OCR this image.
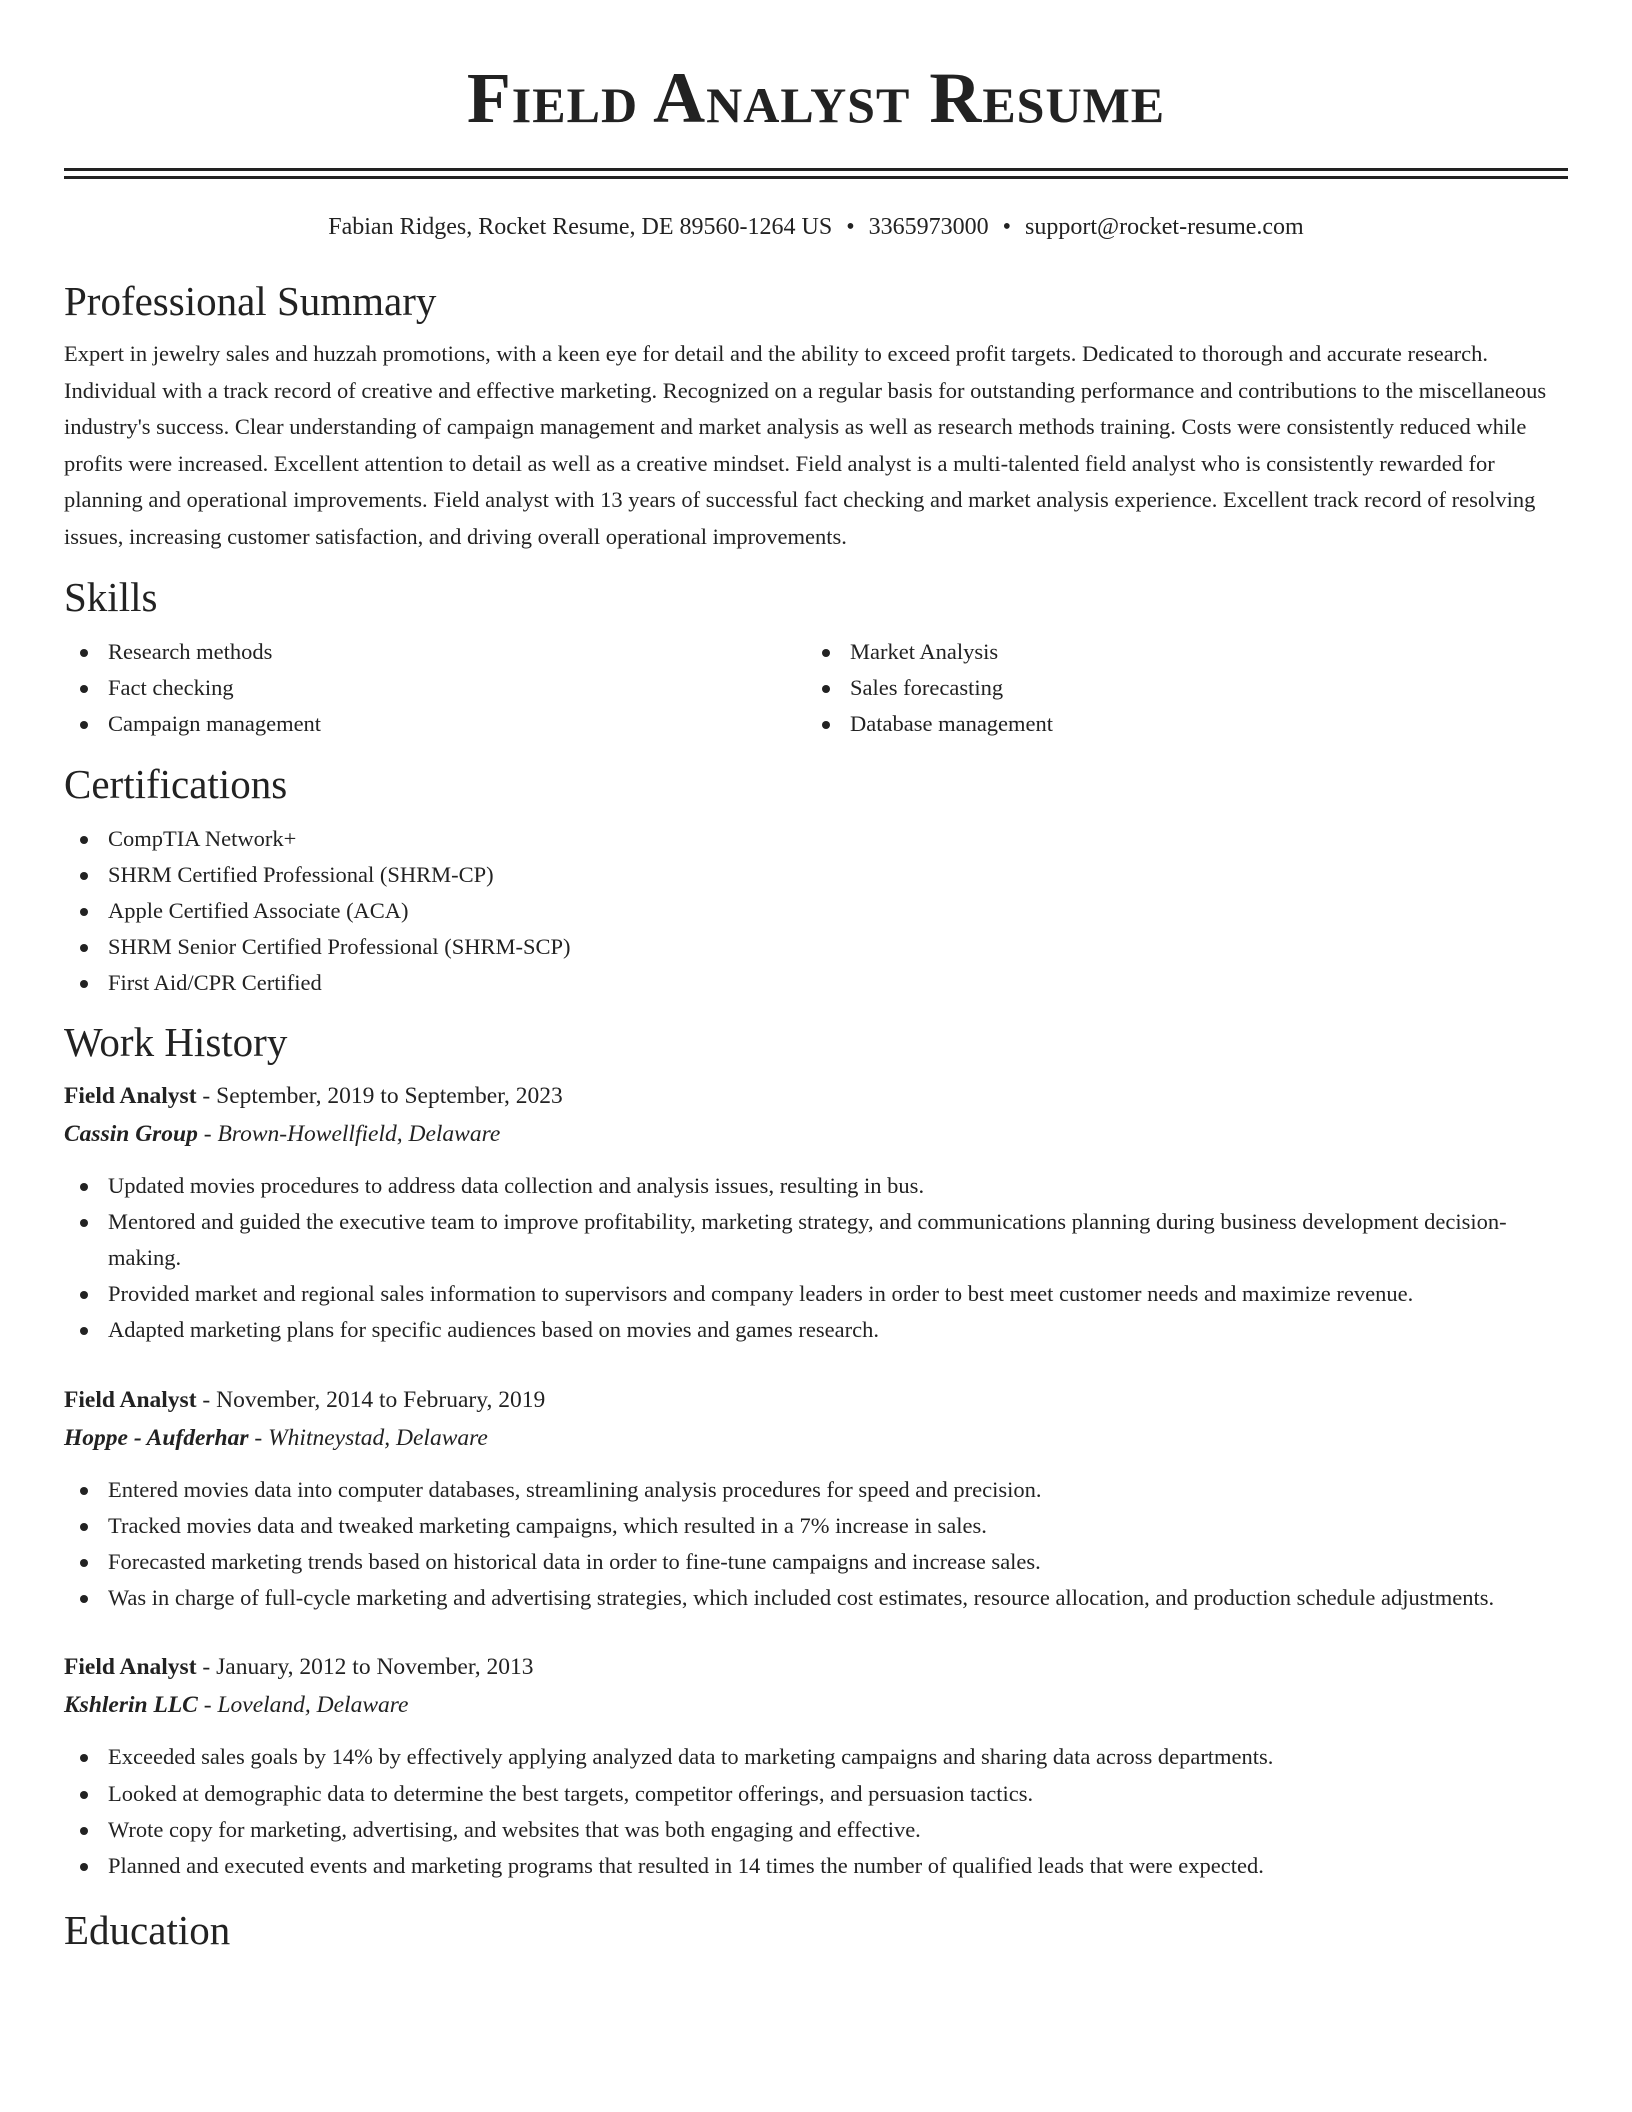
Field Analyst Resume
Fabian Ridges, Rocket Resume, DE 89560-1264 US • 3365973000 • support@rocket-resume.com
Professional Summary

Expert in jewelry sales and huzzah promotions, with a keen eye for detail and the ability to exceed profit targets. Dedicated to thorough and accurate research. Individual with a track record of creative and effective marketing. Recognized on a regular basis for outstanding performance and contributions to the miscellaneous industry's success. Clear understanding of campaign management and market analysis as well as research methods training. Costs were consistently reduced while profits were increased. Excellent attention to detail as well as a creative mindset. Field analyst is a multi-talented field analyst who is consistently rewarded for planning and operational improvements. Field analyst with 13 years of successful fact checking and market analysis experience. Excellent track record of resolving issues, increasing customer satisfaction, and driving overall operational improvements.

Skills
Research methods
Fact checking
Campaign management
Market Analysis
Sales forecasting
Database management
Certifications
CompTIA Network+
SHRM Certified Professional (SHRM-CP)
Apple Certified Associate (ACA)
SHRM Senior Certified Professional (SHRM-SCP)
First Aid/CPR Certified
Work History
Field Analyst - September, 2019 to September, 2023
Cassin Group - Brown-Howellfield, Delaware
Updated movies procedures to address data collection and analysis issues, resulting in bus.
Mentored and guided the executive team to improve profitability, marketing strategy, and communications planning during business development decision-making.
Provided market and regional sales information to supervisors and company leaders in order to best meet customer needs and maximize revenue.
Adapted marketing plans for specific audiences based on movies and games research.
Field Analyst - November, 2014 to February, 2019
Hoppe - Aufderhar - Whitneystad, Delaware
Entered movies data into computer databases, streamlining analysis procedures for speed and precision.
Tracked movies data and tweaked marketing campaigns, which resulted in a 7% increase in sales.
Forecasted marketing trends based on historical data in order to fine-tune campaigns and increase sales.
Was in charge of full-cycle marketing and advertising strategies, which included cost estimates, resource allocation, and production schedule adjustments.
Field Analyst - January, 2012 to November, 2013
Kshlerin LLC - Loveland, Delaware
Exceeded sales goals by 14% by effectively applying analyzed data to marketing campaigns and sharing data across departments.
Looked at demographic data to determine the best targets, competitor offerings, and persuasion tactics.
Wrote copy for marketing, advertising, and websites that was both engaging and effective.
Planned and executed events and marketing programs that resulted in 14 times the number of qualified leads that were expected.
Education
